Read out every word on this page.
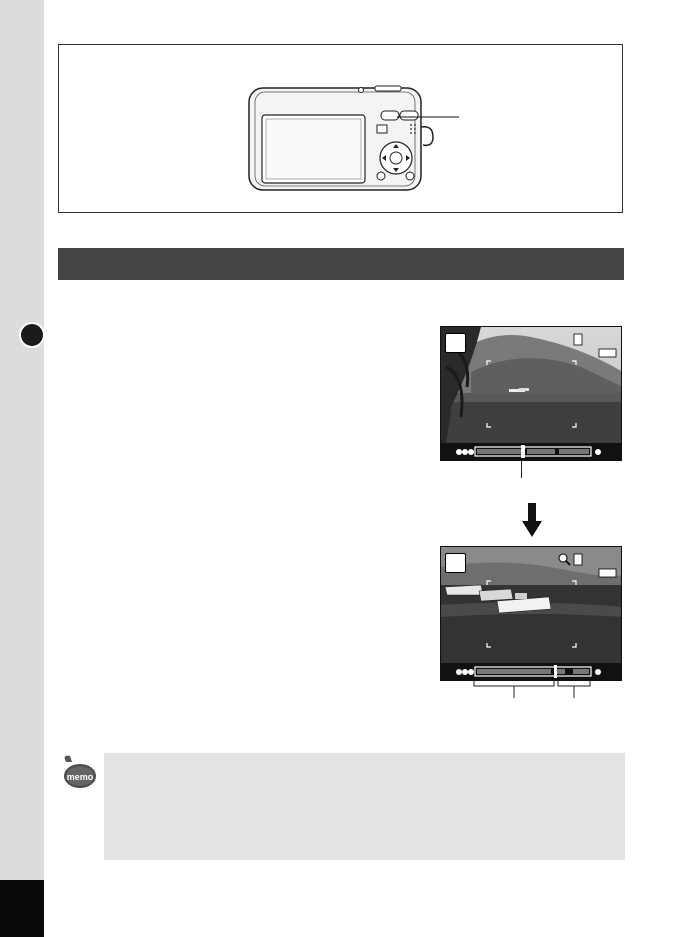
memo
